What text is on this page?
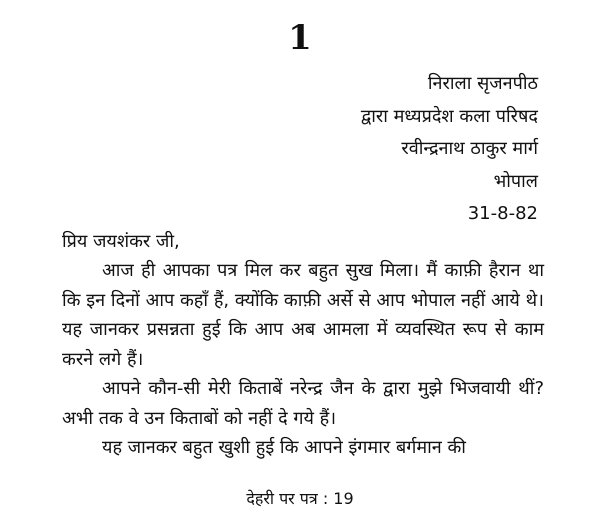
1
निराला सृजनपीठ
द्वारा मध्यप्रदेश कला परिषद
रवीन्द्रनाथ ठाकुर मार्ग
भोपाल
31-8-82
प्रिय जयशंकर जी,

आज ही आपका पत्र मिल कर बहुत सुख मिला। मैं काफ़ी हैरान था कि इन दिनों आप कहाँ हैं, क्योंकि काफ़ी अर्से से आप भोपाल नहीं आये थे। यह जानकर प्रसन्नता हुई कि आप अब आमला में व्यवस्थित रूप से काम करने लगे हैं।

आपने कौन-सी मेरी किताबें नरेन्द्र जैन के द्वारा मुझे भिजवायी थीं? अभी तक वे उन किताबों को नहीं दे गये हैं।

यह जानकर बहुत खुशी हुई कि आपने इंगमार बर्गमान की

देहरी पर पत्र : 19
